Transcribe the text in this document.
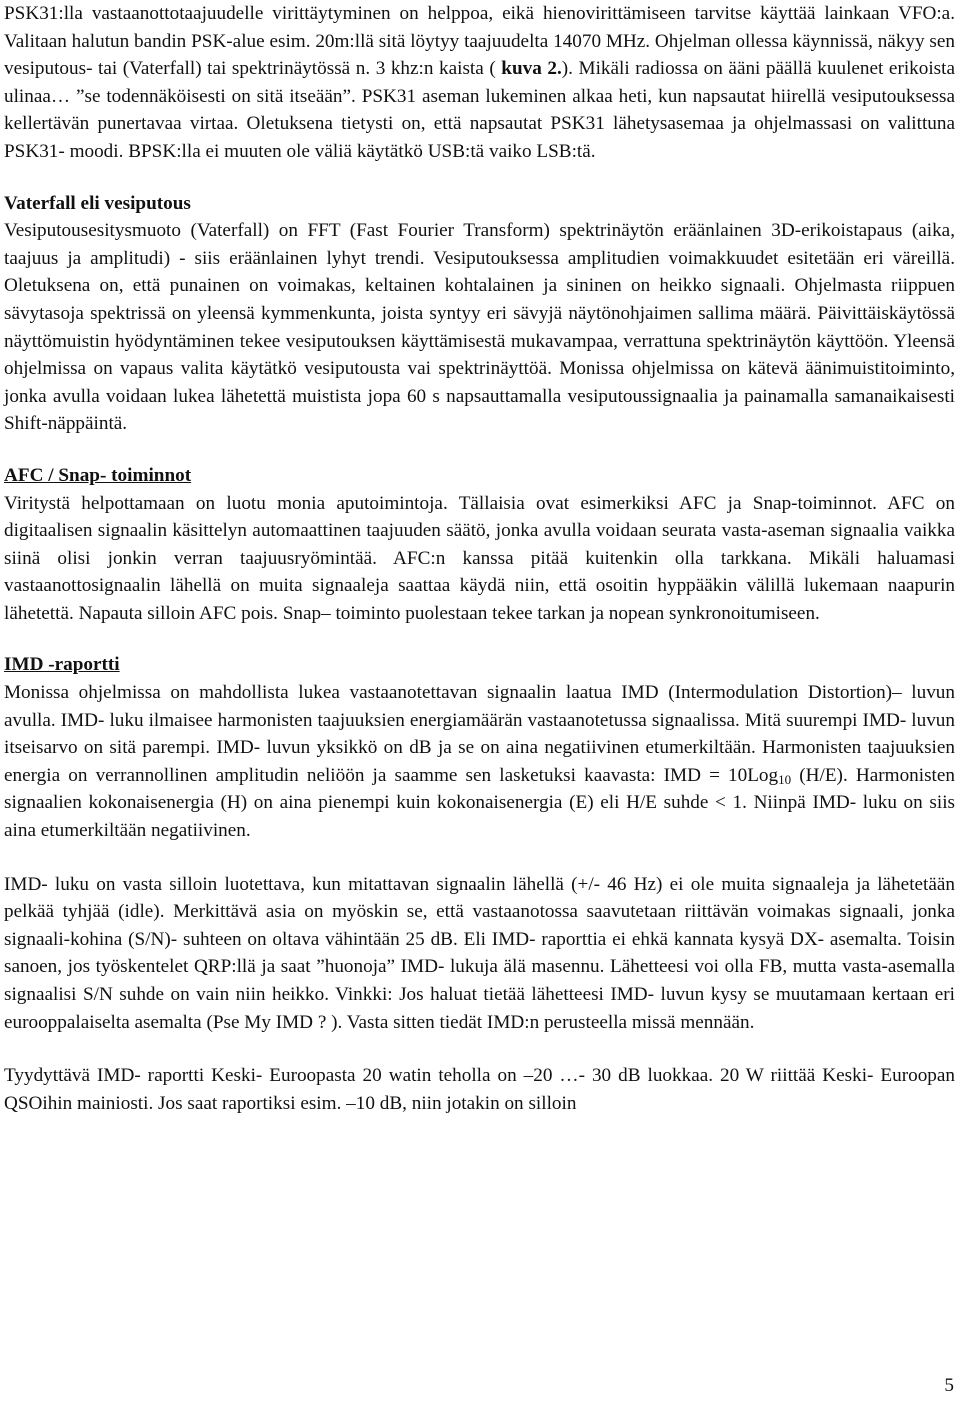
PSK31:lla vastaanottotaajuudelle virittäytyminen on helppoa, eikä hienovirittämiseen tarvitse käyttää lainkaan VFO:a. Valitaan halutun bandin PSK-alue esim. 20m:llä sitä löytyy taajuudelta 14070 MHz. Ohjelman ollessa käynnissä, näkyy sen vesiputous- tai (Vaterfall) tai spektrinäytössä n. 3 khz:n kaista ( kuva 2.). Mikäli radiossa on ääni päällä kuulenet erikoista ulinaa… ”se todennäköisesti on sitä itseään”. PSK31 aseman lukeminen alkaa heti, kun napsautat hiirellä vesiputouksessa kellertävän punertavaa virtaa. Oletuksena tietysti on, että napsautat PSK31 lähetysasemaa ja ohjelmassasi on valittuna PSK31- moodi. BPSK:lla ei muuten ole väliä käytätkö USB:tä vaiko LSB:tä.

Vaterfall eli vesiputous

Vesiputousesitysmuoto (Vaterfall) on FFT (Fast Fourier Transform) spektrinäytön eräänlainen 3D-erikoistapaus (aika, taajuus ja amplitudi) - siis eräänlainen lyhyt trendi. Vesiputouksessa amplitudien voimakkuudet esitetään eri väreillä. Oletuksena on, että punainen on voimakas, keltainen kohtalainen ja sininen on heikko signaali. Ohjelmasta riippuen sävytasoja spektrissä on yleensä kymmenkunta, joista syntyy eri sävyjä näytönohjaimen sallima määrä. Päivittäiskäytössä näyttömuistin hyödyntäminen tekee vesiputouksen käyttämisestä mukavampaa, verrattuna spektrinäytön käyttöön. Yleensä ohjelmissa on vapaus valita käytätkö vesiputousta vai spektrinäyttöä. Monissa ohjelmissa on kätevä äänimuistitoiminto, jonka avulla voidaan lukea lähetettä muistista jopa 60 s napsauttamalla vesiputoussignaalia ja painamalla samanaikaisesti Shift-näppäintä.

AFC / Snap- toiminnot

Viritystä helpottamaan on luotu monia aputoimintoja. Tällaisia ovat esimerkiksi AFC ja Snap-toiminnot. AFC on digitaalisen signaalin käsittelyn automaattinen taajuuden säätö, jonka avulla voidaan seurata vasta-aseman signaalia vaikka siinä olisi jonkin verran taajuusryömintää. AFC:n kanssa pitää kuitenkin olla tarkkana. Mikäli haluamasi vastaanottosignaalin lähellä on muita signaaleja saattaa käydä niin, että osoitin hyppääkin välillä lukemaan naapurin lähetettä. Napauta silloin AFC pois. Snap– toiminto puolestaan tekee tarkan ja nopean synkronoitumiseen.

IMD -raportti

Monissa ohjelmissa on mahdollista lukea vastaanotettavan signaalin laatua IMD (Intermodulation Distortion)– luvun avulla. IMD- luku ilmaisee harmonisten taajuuksien energiamäärän vastaanotetussa signaalissa. Mitä suurempi IMD- luvun itseisarvo on sitä parempi. IMD- luvun yksikkö on dB ja se on aina negatiivinen etumerkiltään. Harmonisten taajuuksien energia on verrannollinen amplitudin neliöön ja saamme sen lasketuksi kaavasta: IMD = 10Log$_{10}$ (H/E). Harmonisten signaalien kokonaisenergia (H) on aina pienempi kuin kokonaisenergia (E) eli H/E suhde < 1. Niinpä IMD- luku on siis aina etumerkiltään negatiivinen.

IMD- luku on vasta silloin luotettava, kun mitattavan signaalin lähellä (+/- 46 Hz) ei ole muita signaaleja ja lähetetään pelkää tyhjää (idle). Merkittävä asia on myöskin se, että vastaanotossa saavutetaan riittävän voimakas signaali, jonka signaali-kohina (S/N)- suhteen on oltava vähintään 25 dB. Eli IMD- raporttia ei ehkä kannata kysyä DX- asemalta. Toisin sanoen, jos työskentelet QRP:llä ja saat ”huonoja” IMD- lukuja älä masennu. Lähetteesi voi olla FB, mutta vasta-asemalla signaalisi S/N suhde on vain niin heikko. Vinkki: Jos haluat tietää lähetteesi IMD- luvun kysy se muutamaan kertaan eri eurooppalaiselta asemalta (Pse My IMD ? ). Vasta sitten tiedät IMD:n perusteella missä mennään.

Tyydyttävä IMD- raportti Keski- Euroopasta 20 watin teholla on –20 …- 30 dB luokkaa. 20 W riittää Keski- Euroopan QSOihin mainiosti. Jos saat raportiksi esim. –10 dB, niin jotakin on silloin

5
